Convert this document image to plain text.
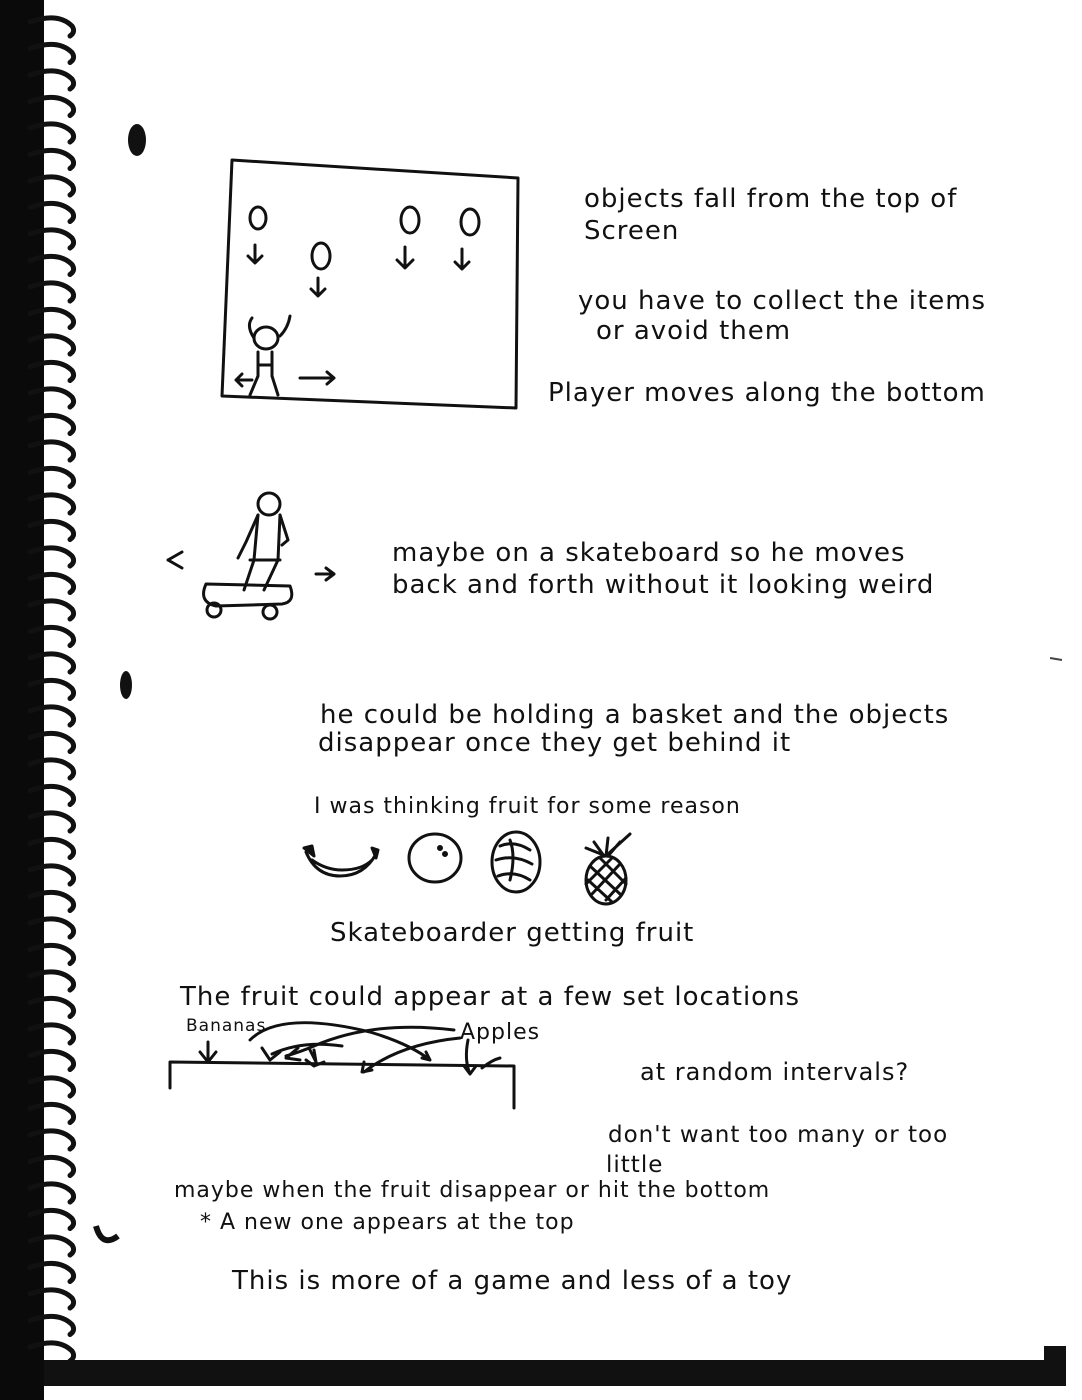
objects fall from the top of
Screen
you have to collect the items
or avoid them
Player moves along the bottom
maybe on a skateboard so he moves
back and forth without it looking weird
he could be holding a basket and the objects
disappear once they get behind it
I was thinking fruit for some reason
Skateboarder getting fruit
The fruit could appear at a few set locations
Bananas	Apples
at random intervals?
don't want too many or too
little
maybe when the fruit disappear or hit the bottom
* A new one appears at the top
This is more of a game and less of a toy
